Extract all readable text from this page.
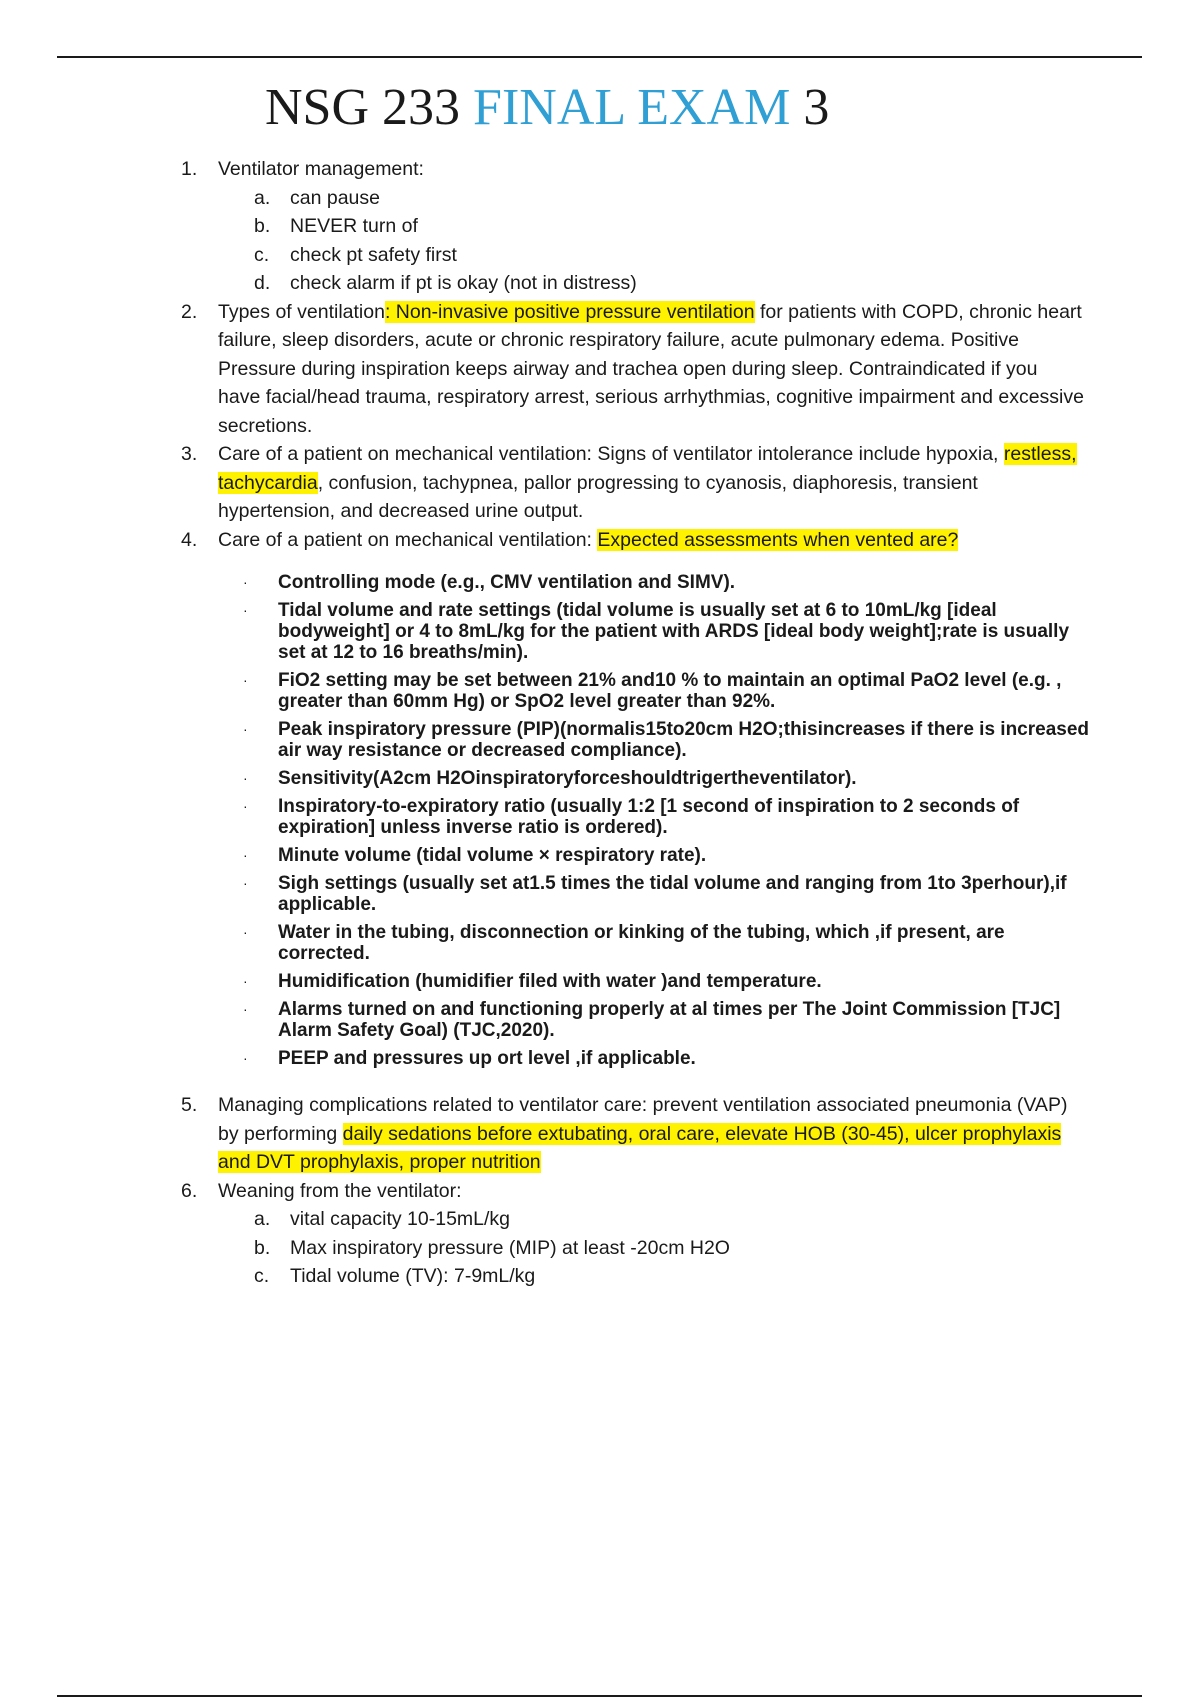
NSG 233 FINAL EXAM 3
1. Ventilator management:
a. can pause
b. NEVER turn of
c. check pt safety first
d. check alarm if pt is okay (not in distress)
2. Types of ventilation: Non-invasive positive pressure ventilation for patients with COPD, chronic heart failure, sleep disorders, acute or chronic respiratory failure, acute pulmonary edema. Positive Pressure during inspiration keeps airway and trachea open during sleep. Contraindicated if you have facial/head trauma, respiratory arrest, serious arrhythmias, cognitive impairment and excessive secretions.
3. Care of a patient on mechanical ventilation: Signs of ventilator intolerance include hypoxia, restless, tachycardia, confusion, tachypnea, pallor progressing to cyanosis, diaphoresis, transient hypertension, and decreased urine output.
4. Care of a patient on mechanical ventilation: Expected assessments when vented are?
· Controlling mode (e.g., CMV ventilation and SIMV).
· Tidal volume and rate settings (tidal volume is usually set at 6 to 10mL/kg [ideal bodyweight] or 4 to 8mL/kg for the patient with ARDS [ideal body weight];rate is usually set at 12 to 16 breaths/min).
· FiO2 setting may be set between 21% and10 % to maintain an optimal PaO2 level (e.g. , greater than 60mm Hg) or SpO2 level greater than 92%.
· Peak inspiratory pressure (PIP)(normalis15to20cm H2O;thisincreases if there is increased air way resistance or decreased compliance).
· Sensitivity(A2cm H2Oinspiratoryforceshouldtrigertheventilator).
· Inspiratory-to-expiratory ratio (usually 1:2 [1 second of inspiration to 2 seconds of expiration] unless inverse ratio is ordered).
· Minute volume (tidal volume × respiratory rate).
· Sigh settings (usually set at1.5 times the tidal volume and ranging from 1to 3perhour),if applicable.
· Water in the tubing, disconnection or kinking of the tubing, which ,if present, are corrected.
· Humidification (humidifier filed with water )and temperature.
· Alarms turned on and functioning properly at al times per The Joint Commission [TJC] Alarm Safety Goal) (TJC,2020).
· PEEP and pressures up ort level ,if applicable.
5. Managing complications related to ventilator care: prevent ventilation associated pneumonia (VAP) by performing daily sedations before extubating, oral care, elevate HOB (30-45), ulcer prophylaxis and DVT prophylaxis, proper nutrition
6. Weaning from the ventilator:
a. vital capacity 10-15mL/kg
b. Max inspiratory pressure (MIP) at least -20cm H2O
c. Tidal volume (TV): 7-9mL/kg
